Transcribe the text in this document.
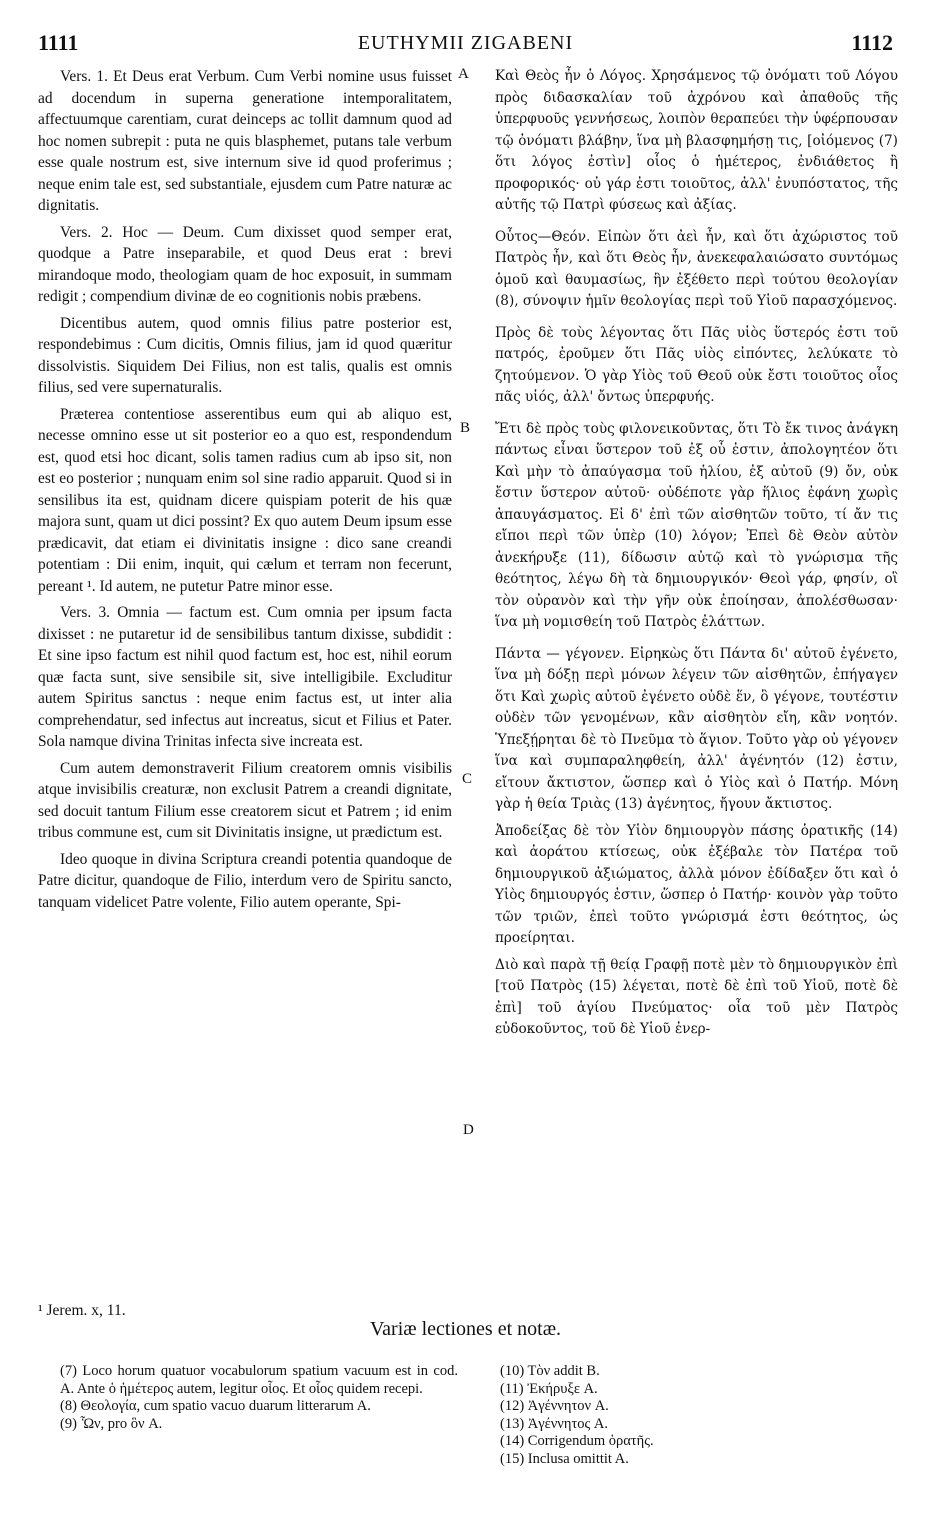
1111	EUTHYMII ZIGABENI	1112
A
B
C
D

Vers. 1. Et Deus erat Verbum. Cum Verbi nomine usus fuisset ad docendum in superna generatione intemporalitatem, affectuumque carentiam, curat deinceps ac tollit damnum quod ad hoc nomen subrepit : puta ne quis blasphemet, putans tale verbum esse quale nostrum est, sive internum sive id quod proferimus ; neque enim tale est, sed substantiale, ejusdem cum Patre naturæ ac dignitatis.

Vers. 2. Hoc — Deum. Cum dixisset quod semper erat, quodque a Patre inseparabile, et quod Deus erat : brevi mirandoque modo, theologiam quam de hoc exposuit, in summam redigit ; compendium divinæ de eo cognitionis nobis præbens.

Dicentibus autem, quod omnis filius patre posterior est, respondebimus : Cum dicitis, Omnis filius, jam id quod quæritur dissolvistis. Siquidem Dei Filius, non est talis, qualis est omnis filius, sed vere supernaturalis.

Præterea contentiose asserentibus eum qui ab aliquo est, necesse omnino esse ut sit posterior eo a quo est, respondendum est, quod etsi hoc dicant, solis tamen radius cum ab ipso sit, non est eo posterior ; nunquam enim sol sine radio apparuit. Quod si in sensilibus ita est, quidnam dicere quispiam poterit de his quæ majora sunt, quam ut dici possint? Ex quo autem Deum ipsum esse prædicavit, dat etiam ei divinitatis insigne : dico sane creandi potentiam : Dii enim, inquit, qui cælum et terram non fecerunt, pereant ¹. Id autem, ne putetur Patre minor esse.

Vers. 3. Omnia — factum est. Cum omnia per ipsum facta dixisset : ne putaretur id de sensibilibus tantum dixisse, subdidit : Et sine ipso factum est nihil quod factum est, hoc est, nihil eorum quæ facta sunt, sive sensibile sit, sive intelligibile. Excluditur autem Spiritus sanctus : neque enim factus est, ut inter alia comprehendatur, sed infectus aut increatus, sicut et Filius et Pater. Sola namque divina Trinitas infecta sive increata est.

Cum autem demonstraverit Filium creatorem omnis visibilis atque invisibilis creaturæ, non exclusit Patrem a creandi dignitate, sed docuit tantum Filium esse creatorem sicut et Patrem ; id enim tribus commune est, cum sit Divinitatis insigne, ut prædictum est.

Ideo quoque in divina Scriptura creandi potentia quandoque de Patre dicitur, quandoque de Filio, interdum vero de Spiritu sancto, tanquam videlicet Patre volente, Filio autem operante, Spi-

Καὶ Θεὸς ἦν ὁ Λόγος. Χρησάμενος τῷ ὀνόματι τοῦ Λόγου πρὸς διδασκαλίαν τοῦ ἀχρόνου καὶ ἀπαθοῦς τῆς ὑπερφυοῦς γεννήσεως, λοιπὸν θεραπεύει τὴν ὑφέρπουσαν τῷ ὀνόματι βλάβην, ἵνα μὴ βλασφημήσῃ τις, [οἰόμενος (7) ὅτι λόγος ἐστὶν] οἷος ὁ ἡμέτερος, ἐνδιάθετος ἢ προφορικός· οὐ γάρ ἐστι τοιοῦτος, ἀλλ' ἐνυπόστατος, τῆς αὐτῆς τῷ Πατρὶ φύσεως καὶ ἀξίας.

Οὗτος—Θεόν. Εἰπὼν ὅτι ἀεὶ ἦν, καὶ ὅτι ἀχώριστος τοῦ Πατρὸς ἦν, καὶ ὅτι Θεὸς ἦν, ἀνεκεφαλαιώσατο συντόμως ὁμοῦ καὶ θαυμασίως, ἣν ἐξέθετο περὶ τούτου θεολογίαν (8), σύνοψιν ἡμῖν θεολογίας περὶ τοῦ Υἱοῦ παρασχόμενος.

Πρὸς δὲ τοὺς λέγοντας ὅτι Πᾶς υἱὸς ὕστερός ἐστι τοῦ πατρός, ἐροῦμεν ὅτι Πᾶς υἱὸς εἰπόντες, λελύκατε τὸ ζητούμενον. Ὁ γὰρ Υἱὸς τοῦ Θεοῦ οὐκ ἔστι τοιοῦτος οἷος πᾶς υἱός, ἀλλ' ὄντως ὑπερφυής.

Ἔτι δὲ πρὸς τοὺς φιλονεικοῦντας, ὅτι Τὸ ἔκ τινος ἀνάγκη πάντως εἶναι ὕστερον τοῦ ἐξ οὗ ἐστιν, ἀπολογητέον ὅτι Καὶ μὴν τὸ ἀπαύγασμα τοῦ ἡλίου, ἐξ αὐτοῦ (9) ὄν, οὐκ ἔστιν ὕστερον αὐτοῦ· οὐδέποτε γὰρ ἥλιος ἐφάνη χωρὶς ἀπαυγάσματος. Εἰ δ' ἐπὶ τῶν αἰσθητῶν τοῦτο, τί ἄν τις εἴποι περὶ τῶν ὑπὲρ (10) λόγον; Ἐπεὶ δὲ Θεὸν αὐτὸν ἀνεκήρυξε (11), δίδωσιν αὐτῷ καὶ τὸ γνώρισμα τῆς θεότητος, λέγω δὴ τὰ δημιουργικόν· Θεοὶ γάρ, φησίν, οἳ τὸν οὐρανὸν καὶ τὴν γῆν οὐκ ἐποίησαν, ἀπολέσθωσαν· ἵνα μὴ νομισθείη τοῦ Πατρὸς ἐλάττων.

Πάντα — γέγονεν. Εἰρηκὼς ὅτι Πάντα δι' αὐτοῦ ἐγένετο, ἵνα μὴ δόξῃ περὶ μόνων λέγειν τῶν αἰσθητῶν, ἐπήγαγεν ὅτι Καὶ χωρὶς αὐτοῦ ἐγένετο οὐδὲ ἕν, ὃ γέγονε, τουτέστιν οὐδὲν τῶν γενομένων, κἂν αἰσθητὸν εἴη, κἂν νοητόν. Ὑπεξῄρηται δὲ τὸ Πνεῦμα τὸ ἅγιον. Τοῦτο γὰρ οὐ γέγονεν ἵνα καὶ συμπαραληφθείη, ἀλλ' ἀγένητόν (12) ἐστιν, εἴτουν ἄκτιστον, ὥσπερ καὶ ὁ Υἱὸς καὶ ὁ Πατήρ. Μόνη γὰρ ἡ θεία Τριὰς (13) ἀγένητος, ἤγουν ἄκτιστος.

Ἀποδείξας δὲ τὸν Υἱὸν δημιουργὸν πάσης ὁρατικῆς (14) καὶ ἀοράτου κτίσεως, οὐκ ἐξέβαλε τὸν Πατέρα τοῦ δημιουργικοῦ ἀξιώματος, ἀλλὰ μόνον ἐδίδαξεν ὅτι καὶ ὁ Υἱὸς δημιουργός ἐστιν, ὥσπερ ὁ Πατήρ· κοινὸν γὰρ τοῦτο τῶν τριῶν, ἐπεὶ τοῦτο γνώρισμά ἐστι θεότητος, ὡς προείρηται.

Διὸ καὶ παρὰ τῇ θείᾳ Γραφῇ ποτὲ μὲν τὸ δημιουργικὸν ἐπὶ [τοῦ Πατρὸς (15) λέγεται, ποτὲ δὲ ἐπὶ τοῦ Υἱοῦ, ποτὲ δὲ ἐπὶ] τοῦ ἁγίου Πνεύματος· οἷα τοῦ μὲν Πατρὸς εὐδοκοῦντος, τοῦ δὲ Υἱοῦ ἐνερ-

¹ Jerem. x, 11.
Variæ lectiones et notæ.

(7) Loco horum quatuor vocabulorum spatium vacuum est in cod. A. Ante ὁ ἡμέτερος autem, legitur οἷος. Et οἷος quidem recepi.

(8) Θεολογία, cum spatio vacuo duarum litterarum A.

(9) Ὧν, pro ὃν A.

(10) Τὸν addit B.

(11) Ἐκήρυξε A.

(12) Ἀγέννητον A.

(13) Ἀγέννητος A.

(14) Corrigendum ὁρατῆς.

(15) Inclusa omittit A.
